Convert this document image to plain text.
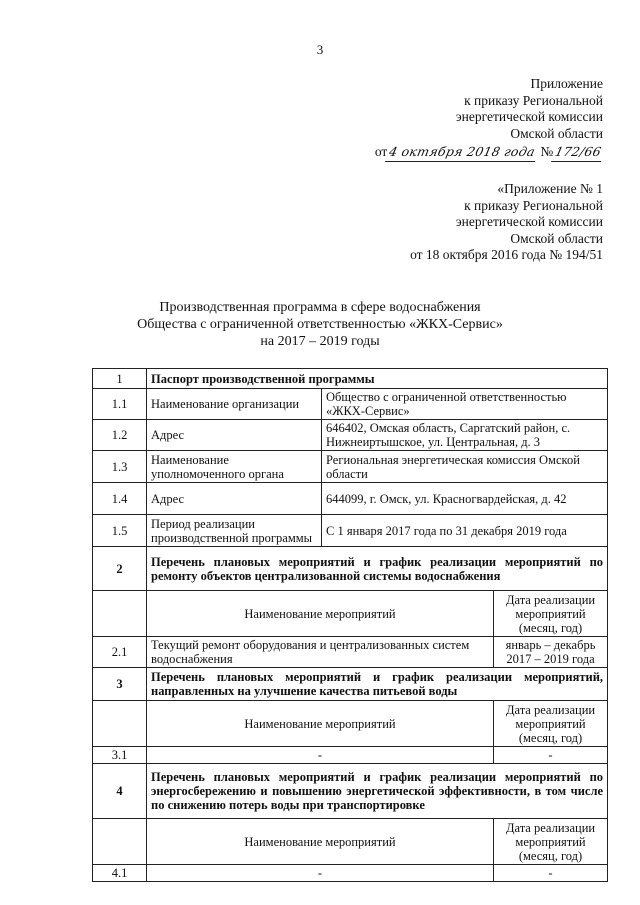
3
Приложение
к приказу Региональной
энергетической комиссии
Омской области
от4 октября 2018 года №172/66
«Приложение № 1
к приказу Региональной
энергетической комиссии
Омской области
от 18 октября 2016 года № 194/51
Производственная программа в сфере водоснабжения
Общества с ограниченной ответственностью «ЖКХ-Сервис»
на 2017 – 2019 годы
1	Паспорт производственной программы		
1.1	Наименование организации	Общество с ограниченной ответственностью «ЖКХ-Сервис»	
1.2	Адрес	646402, Омская область, Саргатский район, с. Нижнеиртышское, ул. Центральная, д. 3	
1.3	Наименование уполномоченного органа	Региональная энергетическая комиссия Омской области	
1.4	Адрес	644099, г. Омск, ул. Красногвардейская, д. 42	
1.5	Период реализации производственной программы	С 1 января 2017 года по 31 декабря 2019 года	
2	Перечень плановых мероприятий и график реализации мероприятий по ремонту объектов централизованной системы водоснабжения		
	Наименование мероприятий		Дата реализации мероприятий (месяц, год)
2.1	Текущий ремонт оборудования и централизованных систем водоснабжения		январь – декабрь 2017 – 2019 года
3	Перечень плановых мероприятий и график реализации мероприятий, направленных на улучшение качества питьевой воды		
	Наименование мероприятий		Дата реализации мероприятий (месяц, год)
3.1	-		-
4	Перечень плановых мероприятий и график реализации мероприятий по энергосбережению и повышению энергетической эффективности, в том числе по снижению потерь воды при транспортировке		
	Наименование мероприятий		Дата реализации мероприятий (месяц, год)
4.1	-		-
